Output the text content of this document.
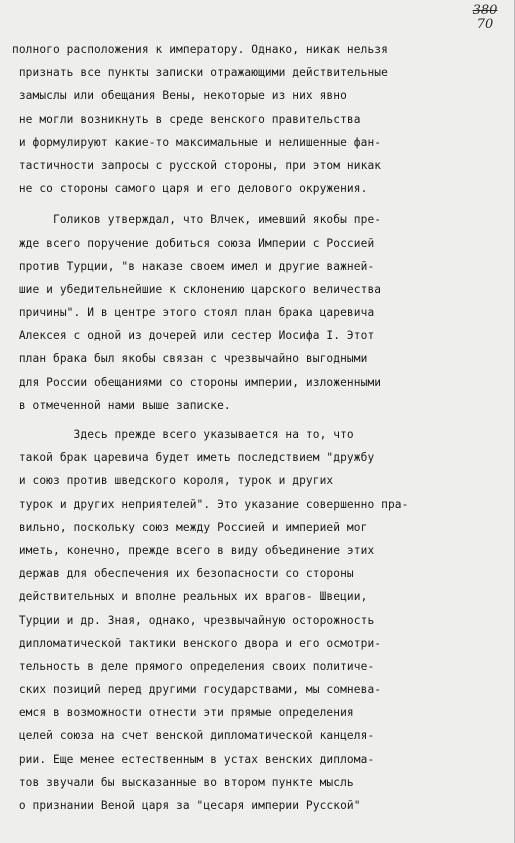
380
70
полного расположения к императору. Однако, никак нельзя
признать все пункты записки отражающими действительные
замыслы или обещания Вены, некоторые из них явно
не могли возникнуть в среде венского правительства
и формулируют какие-то максимальные и нелишенные фан-
тастичности запросы с русской стороны, при этом никак
не со стороны самого царя и его делового окружения.
Голиков утверждал, что Влчек, имевший якобы пре-
жде всего поручение добиться союза Империи с Россией
против Турции, "в наказе своем имел и другие важней-
шие и убедительнейшие к склонению царского величества
причины". И в центре этого стоял план брака царевича
Алексея с одной из дочерей или сестер Иосифа I. Этот
план брака был якобы связан с чрезвычайно выгодными
для России обещаниями со стороны империи, изложенными
в отмеченной нами выше записке.
Здесь прежде всего указывается на то, что
такой брак царевича будет иметь последствием "дружбу
и союз против шведского короля, турок и других
турок и других неприятелей". Это указание совершенно пра-
вильно, поскольку союз между Россией и империей мог
иметь, конечно, прежде всего в виду объединение этих
держав для обеспечения их безопасности со стороны
действительных и вполне реальных их врагов- Швеции,
Турции и др. Зная, однако, чрезвычайную осторожность
дипломатической тактики венского двора и его осмотри-
тельность в деле прямого определения своих политиче-
ских позиций перед другими государствами, мы сомнева-
емся в возможности отнести эти прямые определения
целей союза на счет венской дипломатической канцеля-
рии. Еще менее естественным в устах венских диплома-
тов звучали бы высказанные во втором пункте мысль
о признании Веной царя за "цесаря империи Русской"
